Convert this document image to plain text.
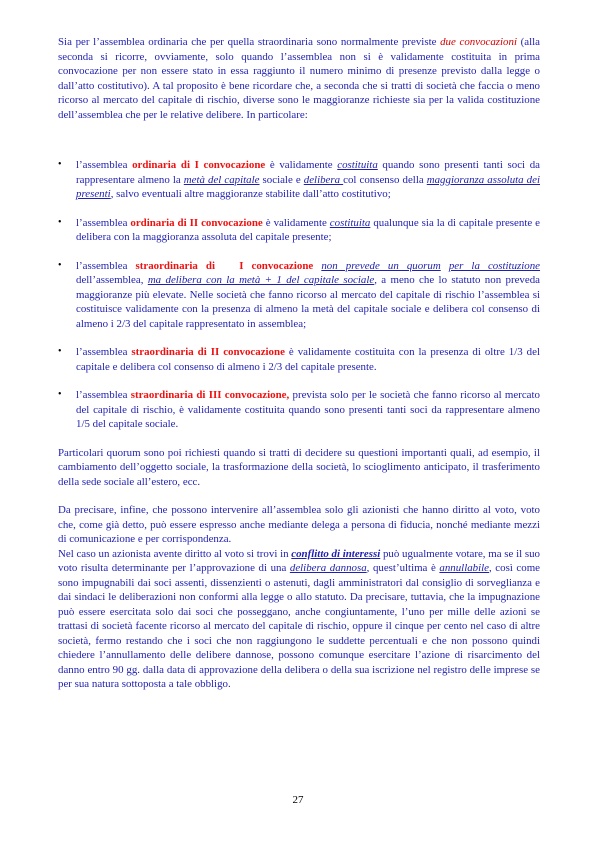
Sia per l’assemblea ordinaria che per quella straordinaria sono normalmente previste due convocazioni (alla seconda si ricorre, ovviamente, solo quando l’assemblea non si è validamente costituita in prima convocazione per non essere stato in essa raggiunto il numero minimo di presenze previsto dalla legge o dall’atto costitutivo). A tal proposito è bene ricordare che, a seconda che si tratti di società che faccia o meno ricorso al mercato del capitale di rischio, diverse sono le maggioranze richieste sia per la valida costituzione dell’assemblea che per le relative delibere. In particolare:

• l’assemblea ordinaria di I convocazione è validamente costituita quando sono presenti tanti soci da rappresentare almeno la metà del capitale sociale e delibera col consenso della maggioranza assoluta dei presenti, salvo eventuali altre maggioranze stabilite dall’atto costitutivo;
• l’assemblea ordinaria di II convocazione è validamente costituita qualunque sia la di capitale presente e delibera con la maggioranza assoluta del capitale presente;
• l’assemblea straordinaria di   I convocazione non prevede un quorum per la costituzione dell’assemblea, ma delibera con la metà + 1 del capitale sociale, a meno che lo statuto non preveda maggioranze più elevate. Nelle società che fanno ricorso al mercato del capitale di rischio l’assemblea si costituisce validamente con la presenza di almeno la metà del capitale sociale e delibera col consenso di almeno i 2/3 del capitale rappresentato in assemblea;
• l’assemblea straordinaria di II convocazione è validamente costituita con la presenza di oltre 1/3 del capitale e delibera col consenso di almeno i 2/3 del capitale presente.
• l’assemblea straordinaria di III convocazione, prevista solo per le società che fanno ricorso al mercato del capitale di rischio, è validamente costituita quando sono presenti tanti soci da rappresentare almeno 1/5 del capitale sociale.

Particolari quorum sono poi richiesti quando si tratti di decidere su questioni importanti quali, ad esempio, il cambiamento dell’oggetto sociale, la trasformazione della società, lo scioglimento anticipato, il trasferimento della sede sociale all’estero, ecc.

Da precisare, infine, che possono intervenire all’assemblea solo gli azionisti che hanno diritto al voto, voto che, come già detto, può essere espresso anche mediante delega a persona di fiducia, nonché mediante mezzi di comunicazione e per corrispondenza.
Nel caso un azionista avente diritto al voto si trovi in conflitto di interessi può ugualmente votare, ma se il suo voto risulta determinante per l’approvazione di una delibera dannosa, quest’ultima è annullabile, così come sono impugnabili dai soci assenti, dissenzienti o astenuti, dagli amministratori dal consiglio di sorveglianza e dai sindaci le deliberazioni non conformi alla legge o allo statuto. Da precisare, tuttavia, che la impugnazione può essere esercitata solo dai soci che posseggano, anche congiuntamente, l’uno per mille delle azioni se trattasi di società facente ricorso al mercato del capitale di rischio, oppure il cinque per cento nel caso di altre società, fermo restando che i soci che non raggiungono le suddette percentuali e che non possono quindi chiedere l’annullamento delle delibere dannose, possono comunque esercitare l’azione di risarcimento del danno entro 90 gg. dalla data di approvazione della delibera o della sua iscrizione nel registro delle imprese se per sua natura sottoposta a tale obbligo.

27
